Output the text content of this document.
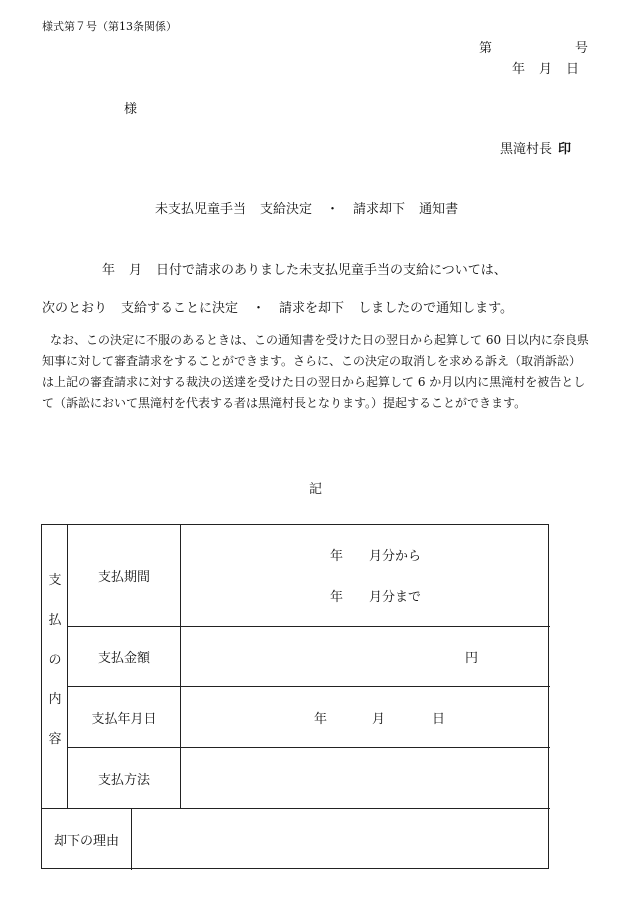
様式第７号（第13条関係）
第	号
年 月 日
様
黒滝村長 印
未支払児童手当 支給決定 ・ 請求却下 通知書
年 月 日付で請求のありました未支払児童手当の支給については、
次のとおり 支給することに決定 ・ 請求を却下 しましたので通知します。
なお、この決定に不服のあるときは、この通知書を受けた日の翌日から起算して 60 日以内に奈良県知事に対して審査請求をすることができます。さらに、この決定の取消しを求める訴え（取消訴訟）は上記の審査請求に対する裁決の送達を受けた日の翌日から起算して 6 か月以内に黒滝村を被告として（訴訟において黒滝村を代表する者は黒滝村長となります。）提起することができます。
記
支
払
の
内
容
支払期間
年　　月分から
年　　月分まで
支払金額	円
支払年月日	年	月	日
支払方法
却下の理由
